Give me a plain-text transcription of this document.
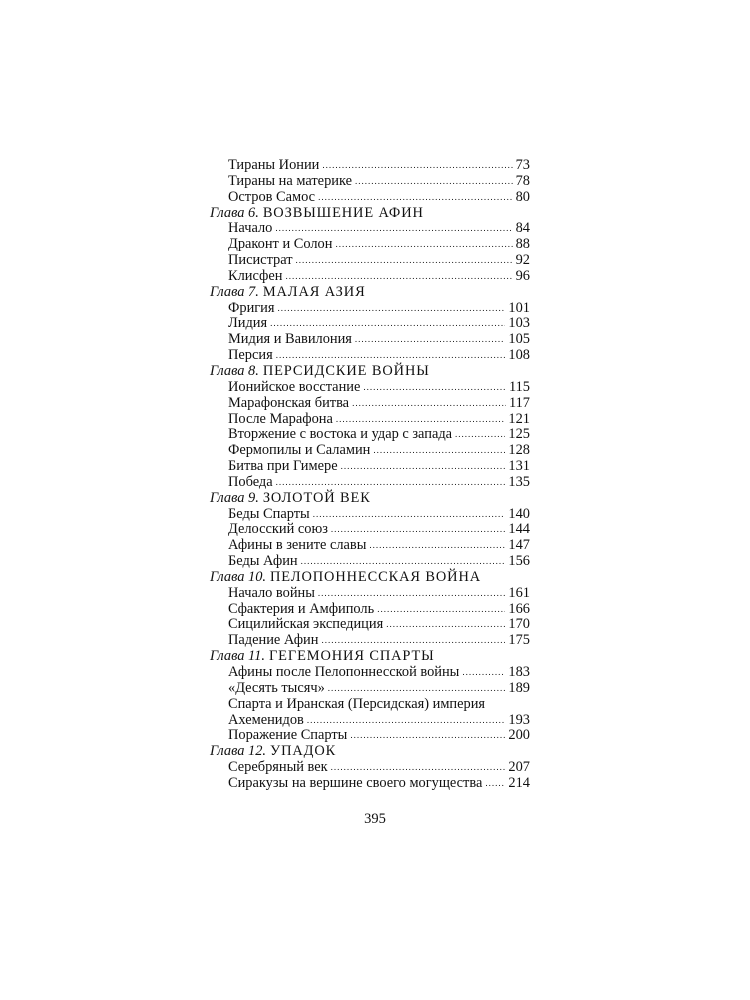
Тираны Ионии .....	73
Тираны на материке .....	78
Остров Самос .....	80
Глава 6. ВОЗВЫШЕНИЕ АФИН
Начало .....	84
Драконт и Солон .....	88
Писистрат .....	92
Клисфен .....	96
Глава 7. МАЛАЯ АЗИЯ
Фригия .....	101
Лидия .....	103
Мидия и Вавилония .....	105
Персия .....	108
Глава 8. ПЕРСИДСКИЕ ВОЙНЫ
Ионийское восстание .....	115
Марафонская битва .....	117
После Марафона .....	121
Вторжение с востока и удар с запада .....	125
Фермопилы и Саламин .....	128
Битва при Гимере .....	131
Победа .....	135
Глава 9. ЗОЛОТОЙ ВЕК
Беды Спарты .....	140
Делосский союз .....	144
Афины в зените славы .....	147
Беды Афин .....	156
Глава 10. ПЕЛОПОННЕССКАЯ ВОЙНА
Начало войны .....	161
Сфактерия и Амфиполь .....	166
Сицилийская экспедиция .....	170
Падение Афин .....	175
Глава 11. ГЕГЕМОНИЯ СПАРТЫ
Афины после Пелопоннесской войны .....	183
«Десять тысяч» .....	189
Спарта и Иранская (Персидская) империя
Ахеменидов .....	193
Поражение Спарты .....	200
Глава 12. УПАДОК
Серебряный век .....	207
Сиракузы на вершине своего могущества ..... 214
395
